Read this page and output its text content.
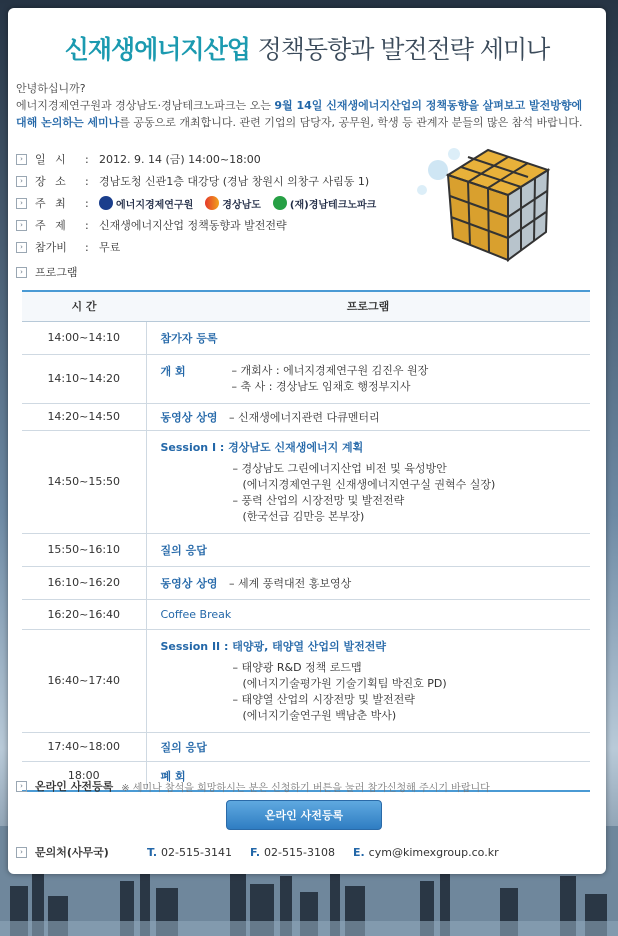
신재생에너지산업 정책동향과 발전전략 세미나
안녕하십니까?
에너지경제연구원과 경상남도·경남테크노파크는 오는 9월 14일 신재생에너지산업의 정책동향을 살펴보고 발전방향에
대해 논의하는 세미나를 공동으로 개최합니다. 관련 기업의 담당자, 공무원, 학생 등 관계자 분들의 많은 참석 바랍니다.
›	일 시	: 2012. 9. 14 (금) 14:00~18:00
›	장 소	: 경남도청 신관1층 대강당 (경남 창원시 의창구 사림동 1)
›	주 최	:	에너지경제연구원	경상남도	(재)경남테크노파크
›	주 제	: 신재생에너지산업 정책동향과 발전전략
›	참가비	: 무료
›	프로그램
시 간	프로그램
14:00~14:10	참가자 등록

14:10~14:20	개 회 – 개회사 : 에너지경제연구원 김진우 원장
– 축 사 : 경상남도 임채호 행정부지사

14:20~14:50	동영상 상영 – 신재생에너지관련 다큐멘터리

14:50~15:50	Session I : 경상남도 신재생에너지 계획
– 경상남도 그린에너지산업 비전 및 육성방안
(에너지경제연구원 신재생에너지연구실 권혁수 실장)
– 풍력 산업의 시장전망 및 발전전략
(한국선급 김만응 본부장)

15:50~16:10	질의 응답

16:10~16:20	동영상 상영 – 세계 풍력대전 홍보영상

16:20~16:40	Coffee Break

16:40~17:40	Session II : 태양광, 태양열 산업의 발전전략
– 태양광 R&D 정책 로드맵
(에너지기술평가원 기술기획팀 박진호 PD)
– 태양열 산업의 시장전망 및 발전전략
(에너지기술연구원 백남춘 박사)

17:40~18:00	질의 응답

18:00	폐 회
›	온라인 사전등록 ※ 세미나 참석을 희망하시는 분은 신청하기 버튼을 눌러 참가신청해 주시기 바랍니다
온라인 사전등록
›	문의처(사무국)	T. 02-515-3141 F. 02-515-3108 E. cym@kimexgroup.co.kr
